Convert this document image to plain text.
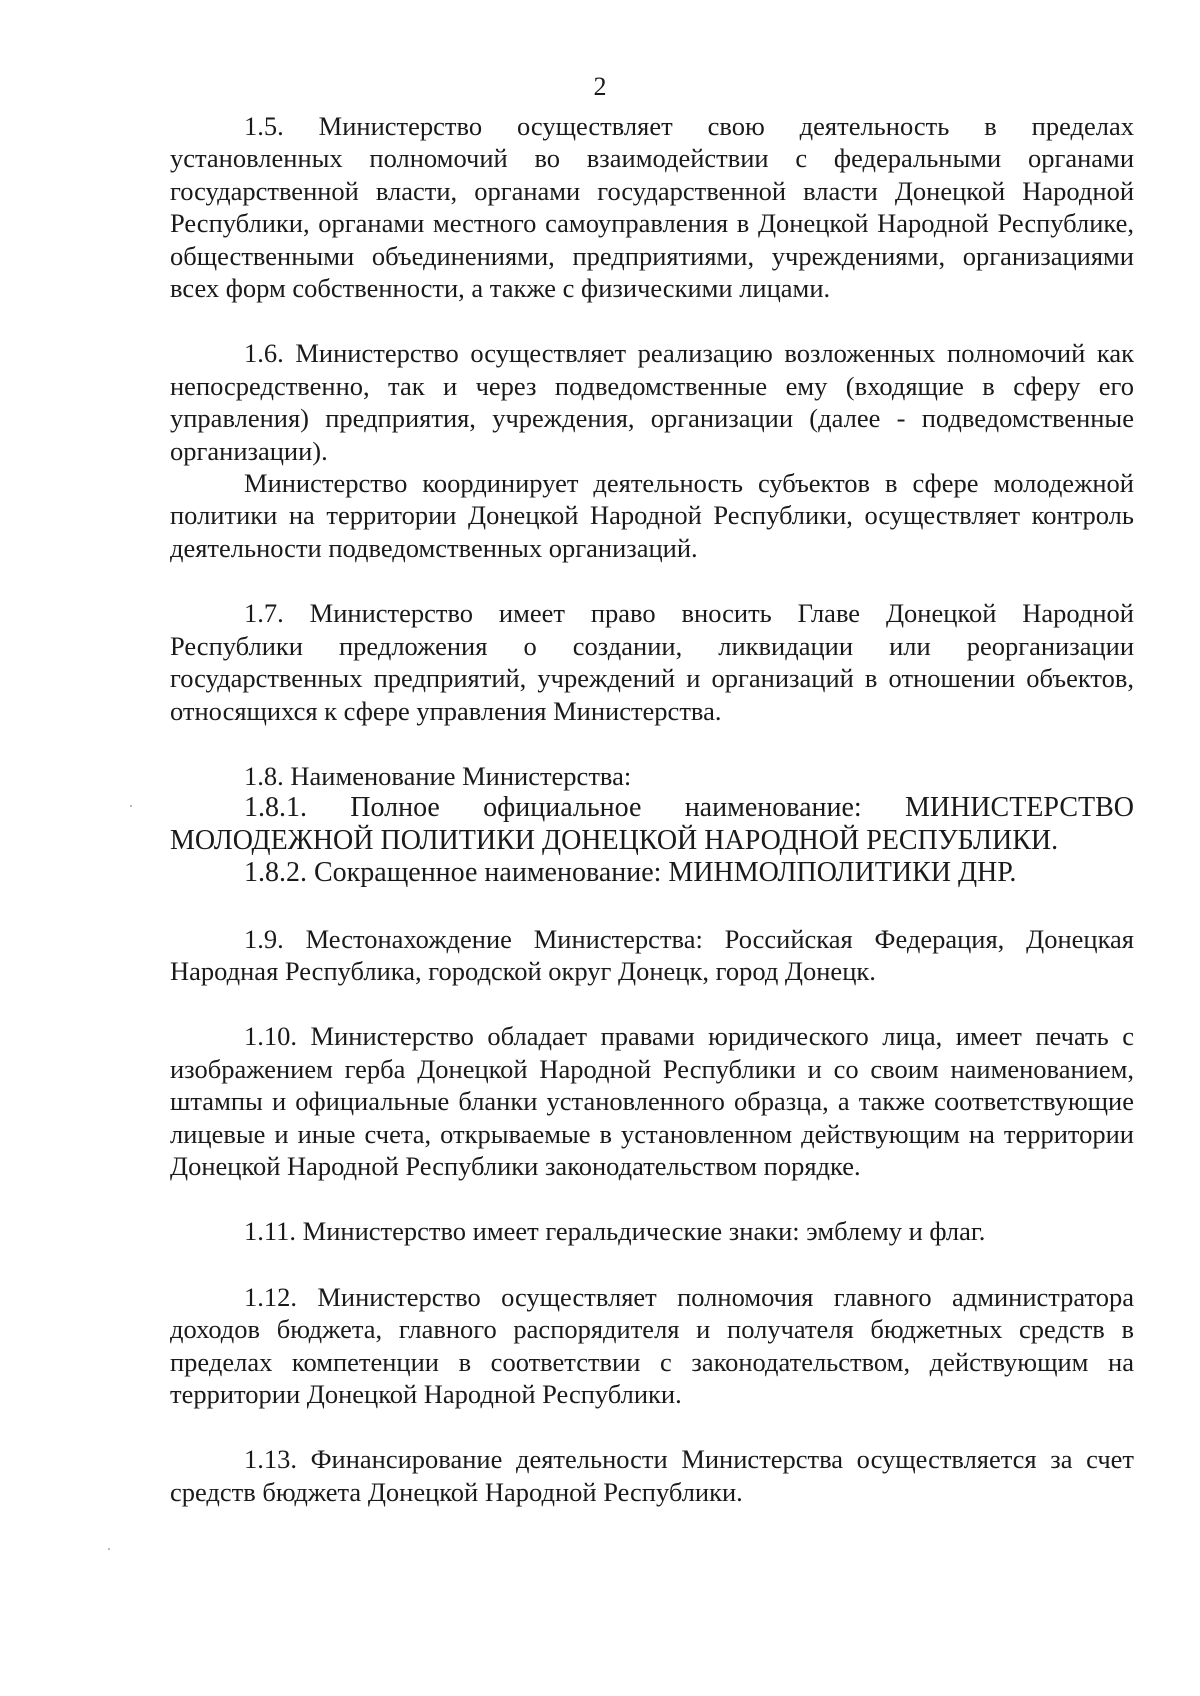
2

1.5. Министерство осуществляет свою деятельность в пределах установленных полномочий во взаимодействии с федеральными органами государственной власти, органами государственной власти Донецкой Народной Республики, органами местного самоуправления в Донецкой Народной Республике, общественными объединениями, предприятиями, учреждениями, организациями всех форм собственности, а также с физическими лицами.

1.6. Министерство осуществляет реализацию возложенных полномочий как непосредственно, так и через подведомственные ему (входящие в сферу его управления) предприятия, учреждения, организации (далее - подведомственные организации).

Министерство координирует деятельность субъектов в сфере молодежной политики на территории Донецкой Народной Республики, осуществляет контроль деятельности подведомственных организаций.

1.7. Министерство имеет право вносить Главе Донецкой Народной Республики предложения о создании, ликвидации или реорганизации государственных предприятий, учреждений и организаций в отношении объектов, относящихся к сфере управления Министерства.

1.8. Наименование Министерства:

1.8.1. Полное официальное наименование: МИНИСТЕРСТВО МОЛОДЕЖНОЙ ПОЛИТИКИ ДОНЕЦКОЙ НАРОДНОЙ РЕСПУБЛИКИ.

1.8.2. Сокращенное наименование: МИНМОЛПОЛИТИКИ ДНР.

1.9. Местонахождение Министерства: Российская Федерация, Донецкая Народная Республика, городской округ Донецк, город Донецк.

1.10. Министерство обладает правами юридического лица, имеет печать с изображением герба Донецкой Народной Республики и со своим наименованием, штампы и официальные бланки установленного образца, а также соответствующие лицевые и иные счета, открываемые в установленном действующим на территории Донецкой Народной Республики законодательством порядке.

1.11. Министерство имеет геральдические знаки: эмблему и флаг.

1.12. Министерство осуществляет полномочия главного администратора доходов бюджета, главного распорядителя и получателя бюджетных средств в пределах компетенции в соответствии с законодательством, действующим на территории Донецкой Народной Республики.

1.13. Финансирование деятельности Министерства осуществляется за счет средств бюджета Донецкой Народной Республики.
